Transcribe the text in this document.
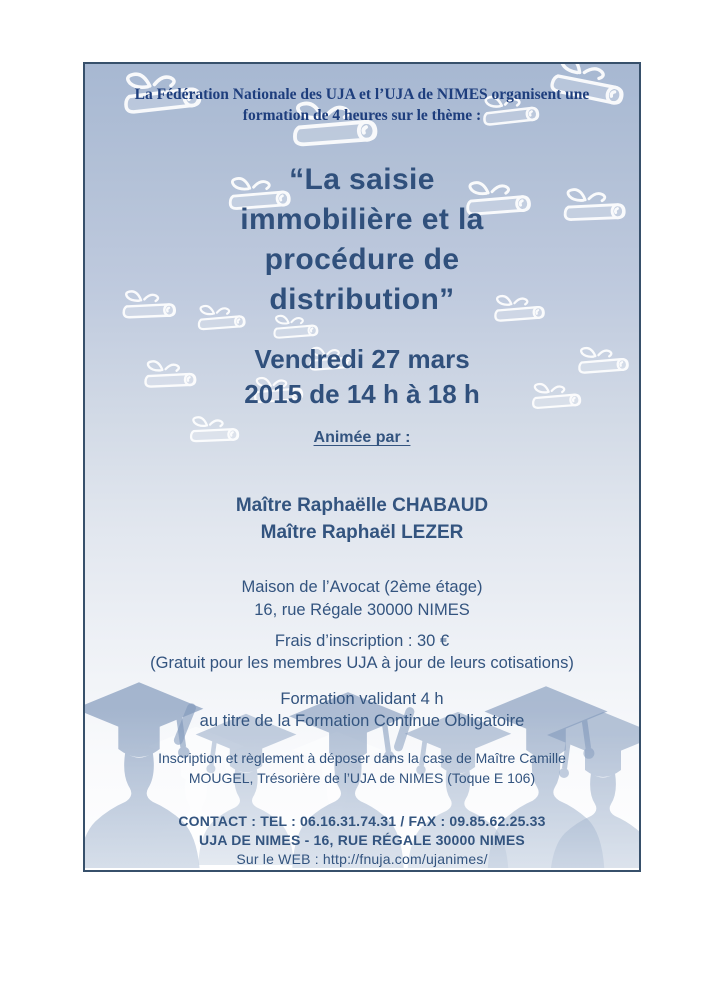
La Fédération Nationale des UJA et l’UJA de NIMES organisent une formation de 4 heures sur le thème :
“La saisie
immobilière et la
procédure de
distribution”
Vendredi 27 mars
2015 de 14 h à 18 h
Animée par :
Maître Raphaëlle CHABAUD
Maître Raphaël LEZER
Maison de l’Avocat (2ème étage)
16, rue Régale 30000 NIMES
Frais d’inscription : 30 €
(Gratuit pour les membres UJA à jour de leurs cotisations)
Formation validant 4 h
au titre de la Formation Continue Obligatoire
Inscription et règlement à déposer dans la case de Maître Camille
MOUGEL, Trésorière de l’UJA de NIMES (Toque E 106)
CONTACT : TEL : 06.16.31.74.31 / FAX : 09.85.62.25.33
UJA DE NIMES - 16, RUE RÉGALE 30000 NIMES
Sur le WEB : http://fnuja.com/ujanimes/
